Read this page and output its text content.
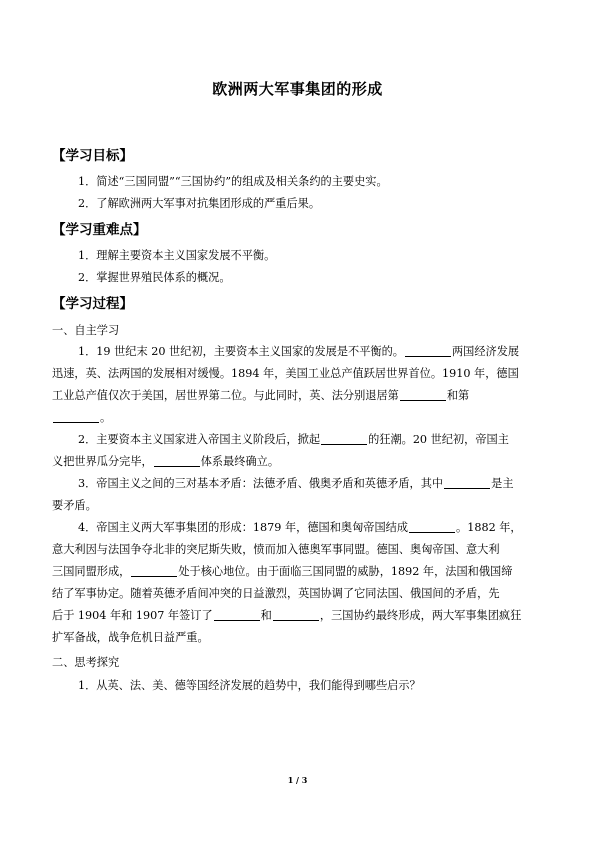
欧洲两大军事集团的形成
【学习目标】
1．简述“三国同盟”“三国协约”的组成及相关条约的主要史实。
2．了解欧洲两大军事对抗集团形成的严重后果。
【学习重难点】
1．理解主要资本主义国家发展不平衡。
2．掌握世界殖民体系的概况。
【学习过程】
一、自主学习
1．19 世纪末 20 世纪初，主要资本主义国家的发展是不平衡的。	两国经济发展
迅速，英、法两国的发展相对缓慢。1894 年，美国工业总产值跃居世界首位。1910 年，德国
工业总产值仅次于美国，居世界第二位。与此同时，英、法分别退居第	和第
。
2．主要资本主义国家进入帝国主义阶段后，掀起	的狂潮。20 世纪初，帝国主
义把世界瓜分完毕，	体系最终确立。
3．帝国主义之间的三对基本矛盾：法德矛盾、俄奥矛盾和英德矛盾，其中	是主
要矛盾。
4．帝国主义两大军事集团的形成：1879 年，德国和奥匈帝国结成	。1882 年，
意大利因与法国争夺北非的突尼斯失败，愤而加入德奥军事同盟。德国、奥匈帝国、意大利
三国同盟形成，	处于核心地位。由于面临三国同盟的威胁，1892 年，法国和俄国缔
结了军事协定。随着英德矛盾间冲突的日益激烈，英国协调了它同法国、俄国间的矛盾，先
后于 1904 年和 1907 年签订了	和	，三国协约最终形成，两大军事集团疯狂
扩军备战，战争危机日益严重。
二、思考探究
1．从英、法、美、德等国经济发展的趋势中，我们能得到哪些启示？
1 / 3
